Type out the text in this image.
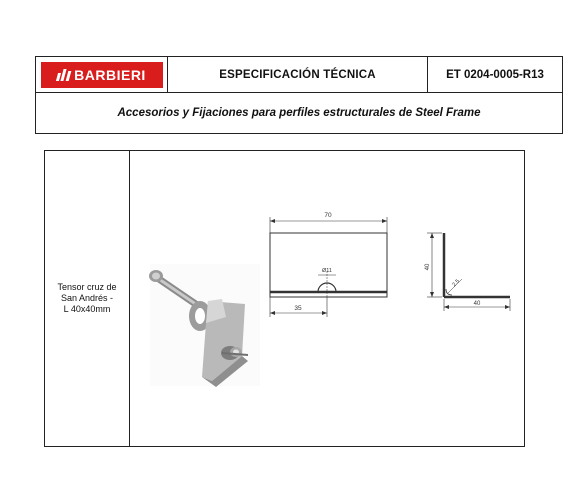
BARBIERI	ESPECIFICACIÓN TÉCNICA	ET 0204-0005-R13
Accesorios y Fijaciones para perfiles estructurales de Steel Frame
Tensor cruz de
San Andrés -
L 40x40mm
70
Ø11
35
40
2.5
40
